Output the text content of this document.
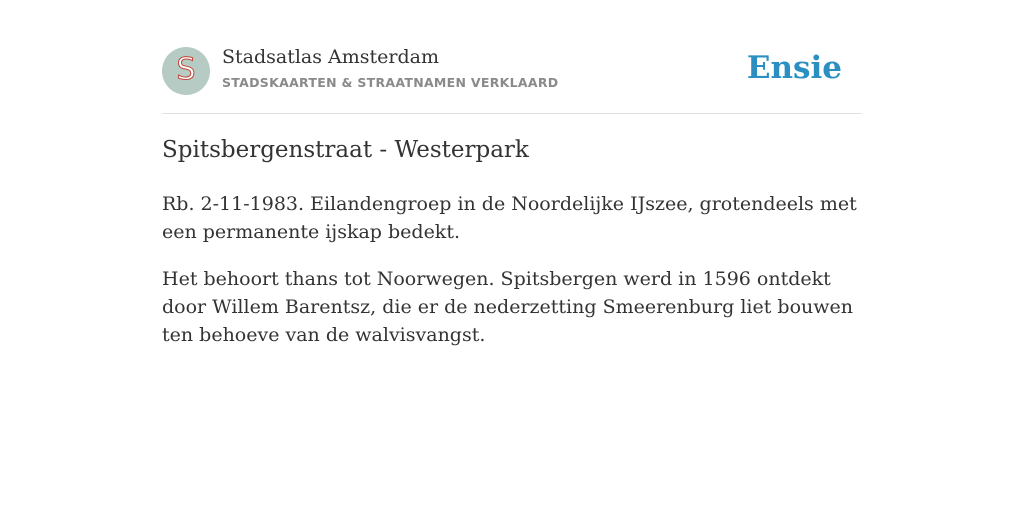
S Stadsatlas Amsterdam
STADSKAARTEN & STRAATNAMEN VERKLAARD	Ensie
Spitsbergenstraat - Westerpark

Rb. 2-11-1983. Eilandengroep in de Noordelijke IJszee, grotendeels met een permanente ijskap bedekt.

Het behoort thans tot Noorwegen. Spitsbergen werd in 1596 ontdekt door Willem Barentsz, die er de nederzetting Smeerenburg liet bouwen ten behoeve van de walvisvangst.
